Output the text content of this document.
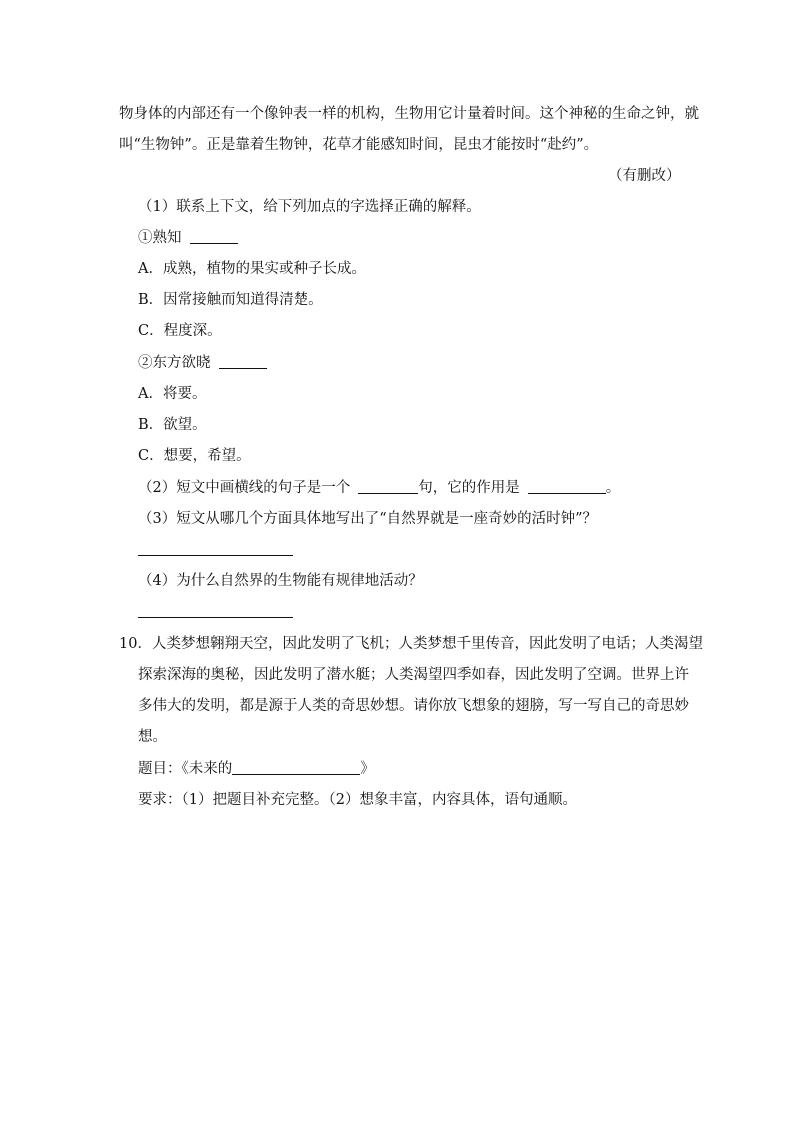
物身体的内部还有一个像钟表一样的机构，生物用它计量着时间。这个神秘的生命之钟，就
叫“生物钟”。正是靠着生物钟，花草才能感知时间，昆虫才能按时“赴约”。
（有删改）
（1）联系上下文，给下列加点的字选择正确的解释。
①熟知
A．成熟，植物的果实或种子长成。
B．因常接触而知道得清楚。
C．程度深。
②东方欲晓
A．将要。
B．欲望。
C．想要，希望。
（2）短文中画横线的句子是一个	句，它的作用是	。
（3）短文从哪几个方面具体地写出了“自然界就是一座奇妙的活时钟”？
（4）为什么自然界的生物能有规律地活动？
10．人类梦想翱翔天空，因此发明了飞机；人类梦想千里传音，因此发明了电话；人类渴望
探索深海的奥秘，因此发明了潜水艇；人类渴望四季如春，因此发明了空调。世界上许
多伟大的发明，都是源于人类的奇思妙想。请你放飞想象的翅膀，写一写自己的奇思妙
想。
题目：《未来的	》
要求：（1）把题目补充完整。（2）想象丰富，内容具体，语句通顺。
